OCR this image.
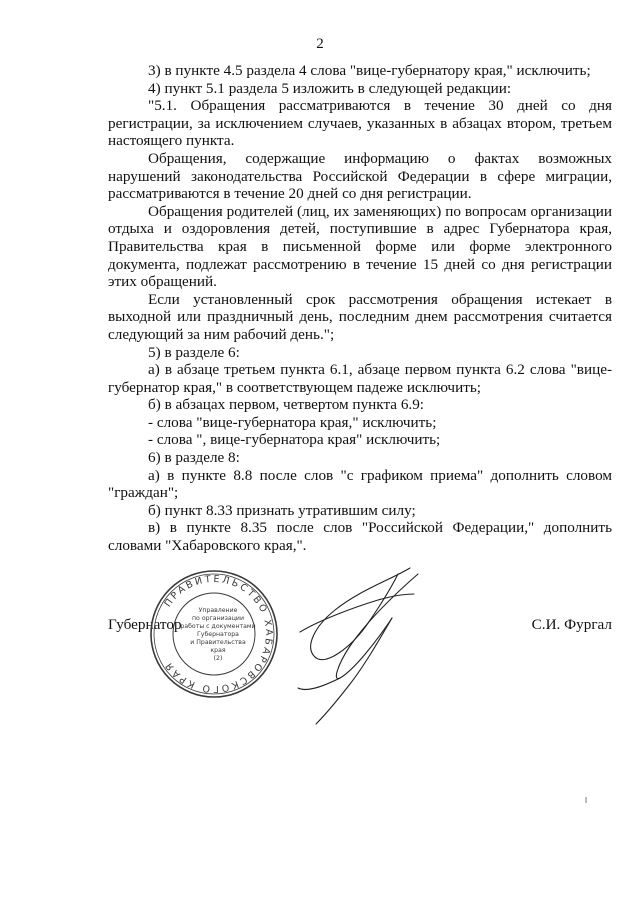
2

3) в пункте 4.5 раздела 4 слова "вице-губернатору края," исключить;

4) пункт 5.1 раздела 5 изложить в следующей редакции:

"5.1. Обращения рассматриваются в течение 30 дней со дня регистрации, за исключением случаев, указанных в абзацах втором, третьем настоящего пункта.

Обращения, содержащие информацию о фактах возможных нарушений законодательства Российской Федерации в сфере миграции, рассматриваются в течение 20 дней со дня регистрации.

Обращения родителей (лиц, их заменяющих) по вопросам организации отдыха и оздоровления детей, поступившие в адрес Губернатора края, Правительства края в письменной форме или форме электронного документа, подлежат рассмотрению в течение 15 дней со дня регистрации этих обращений.

Если установленный срок рассмотрения обращения истекает в выходной или праздничный день, последним днем рассмотрения считается следующий за ним рабочий день.";

5) в разделе 6:

а) в абзаце третьем пункта 6.1, абзаце первом пункта 6.2 слова "вице-губернатор края," в соответствующем падеже исключить;

б) в абзацах первом, четвертом пункта 6.9:

- слова "вице-губернатора края," исключить;

- слова ", вице-губернатора края" исключить;

6) в разделе 8:

а) в пункте 8.8 после слов "с графиком приема" дополнить словом "граждан";

б) пункт 8.33 признать утратившим силу;

в) в пункте 8.35 после слов "Российской Федерации," дополнить словами "Хабаровского края,".

Губернатор	С.И. Фургал
ПРАВИТЕЛЬСТВО ХАБАРОВСКОГО КРАЯ
Управление
по организации
работы с документами
Губернатора
и Правительства
края
(2)
